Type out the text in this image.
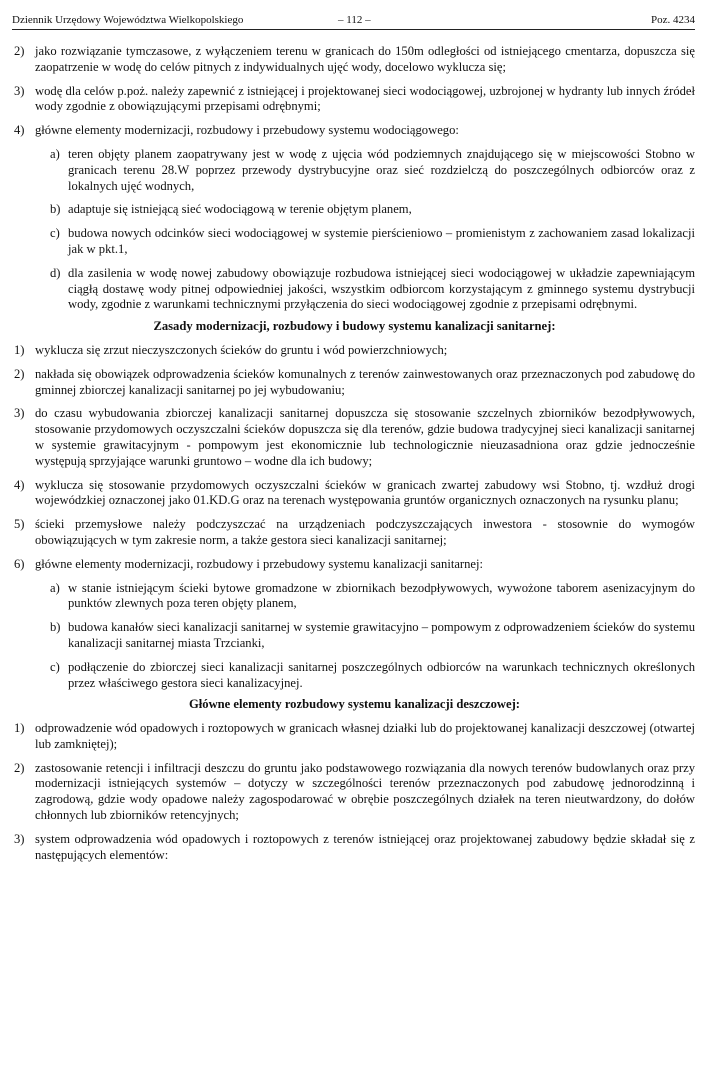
Dziennik Urzędowy Województwa Wielkopolskiego	– 112 –	Poz. 4234
2) jako rozwiązanie tymczasowe, z wyłączeniem terenu w granicach do 150m odległości od istniejącego cmentarza, dopuszcza się zaopatrzenie w wodę do celów pitnych z indywidualnych ujęć wody, docelowo wyklucza się;
3) wodę dla celów p.poż. należy zapewnić z istniejącej i projektowanej sieci wodociągowej, uzbrojonej w hydranty lub innych źródeł wody zgodnie z obowiązującymi przepisami odrębnymi;
4) główne elementy modernizacji, rozbudowy i przebudowy systemu wodociągowego:
a) teren objęty planem zaopatrywany jest w wodę z ujęcia wód podziemnych znajdującego się w miejscowości Stobno w granicach terenu 28.W poprzez przewody dystrybucyjne oraz sieć rozdzielczą do poszczególnych odbiorców oraz z lokalnych ujęć wodnych,
b) adaptuje się istniejącą sieć wodociągową w terenie objętym planem,
c) budowa nowych odcinków sieci wodociągowej w systemie pierścieniowo – promienistym z zachowaniem zasad lokalizacji jak w pkt.1,
d) dla zasilenia w wodę nowej zabudowy obowiązuje rozbudowa istniejącej sieci wodociągowej w układzie zapewniającym ciągłą dostawę wody pitnej odpowiedniej jakości, wszystkim odbiorcom korzystającym z gminnego systemu dystrybucji wody, zgodnie z warunkami technicznymi przyłączenia do sieci wodociągowej zgodnie z przepisami odrębnymi.
Zasady modernizacji, rozbudowy i budowy systemu kanalizacji sanitarnej:
1) wyklucza się zrzut nieczyszczonych ścieków do gruntu i wód powierzchniowych;
2) nakłada się obowiązek odprowadzenia ścieków komunalnych z terenów zainwestowanych oraz przeznaczonych pod zabudowę do gminnej zbiorczej kanalizacji sanitarnej po jej wybudowaniu;
3) do czasu wybudowania zbiorczej kanalizacji sanitarnej dopuszcza się stosowanie szczelnych zbiorników bezodpływowych, stosowanie przydomowych oczyszczalni ścieków dopuszcza się dla terenów, gdzie budowa tradycyjnej sieci kanalizacji sanitarnej w systemie grawitacyjnym - pompowym jest ekonomicznie lub technologicznie nieuzasadniona oraz gdzie jednocześnie występują sprzyjające warunki gruntowo – wodne dla ich budowy;
4) wyklucza się stosowanie przydomowych oczyszczalni ścieków w granicach zwartej zabudowy wsi Stobno, tj. wzdłuż drogi wojewódzkiej oznaczonej jako 01.KD.G oraz na terenach występowania gruntów organicznych oznaczonych na rysunku planu;
5) ścieki przemysłowe należy podczyszczać na urządzeniach podczyszczających inwestora - stosownie do wymogów obowiązujących w tym zakresie norm, a także gestora sieci kanalizacji sanitarnej;
6) główne elementy modernizacji, rozbudowy i przebudowy systemu kanalizacji sanitarnej:
a) w stanie istniejącym ścieki bytowe gromadzone w zbiornikach bezodpływowych, wywożone taborem asenizacyjnym do punktów zlewnych poza teren objęty planem,
b) budowa kanałów sieci kanalizacji sanitarnej w systemie grawitacyjno – pompowym z odprowadzeniem ścieków do systemu kanalizacji sanitarnej miasta Trzcianki,
c) podłączenie do zbiorczej sieci kanalizacji sanitarnej poszczególnych odbiorców na warunkach technicznych określonych przez właściwego gestora sieci kanalizacyjnej.
Główne elementy rozbudowy systemu kanalizacji deszczowej:
1) odprowadzenie wód opadowych i roztopowych w granicach własnej działki lub do projektowanej kanalizacji deszczowej (otwartej lub zamkniętej);
2) zastosowanie retencji i infiltracji deszczu do gruntu jako podstawowego rozwiązania dla nowych terenów budowlanych oraz przy modernizacji istniejących systemów – dotyczy w szczególności terenów przeznaczonych pod zabudowę jednorodzinną i zagrodową, gdzie wody opadowe należy zagospodarować w obrębie poszczególnych działek na teren nieutwardzony, do dołów chłonnych lub zbiorników retencyjnych;
3) system odprowadzenia wód opadowych i roztopowych z terenów istniejącej oraz projektowanej zabudowy będzie składał się z następujących elementów:
